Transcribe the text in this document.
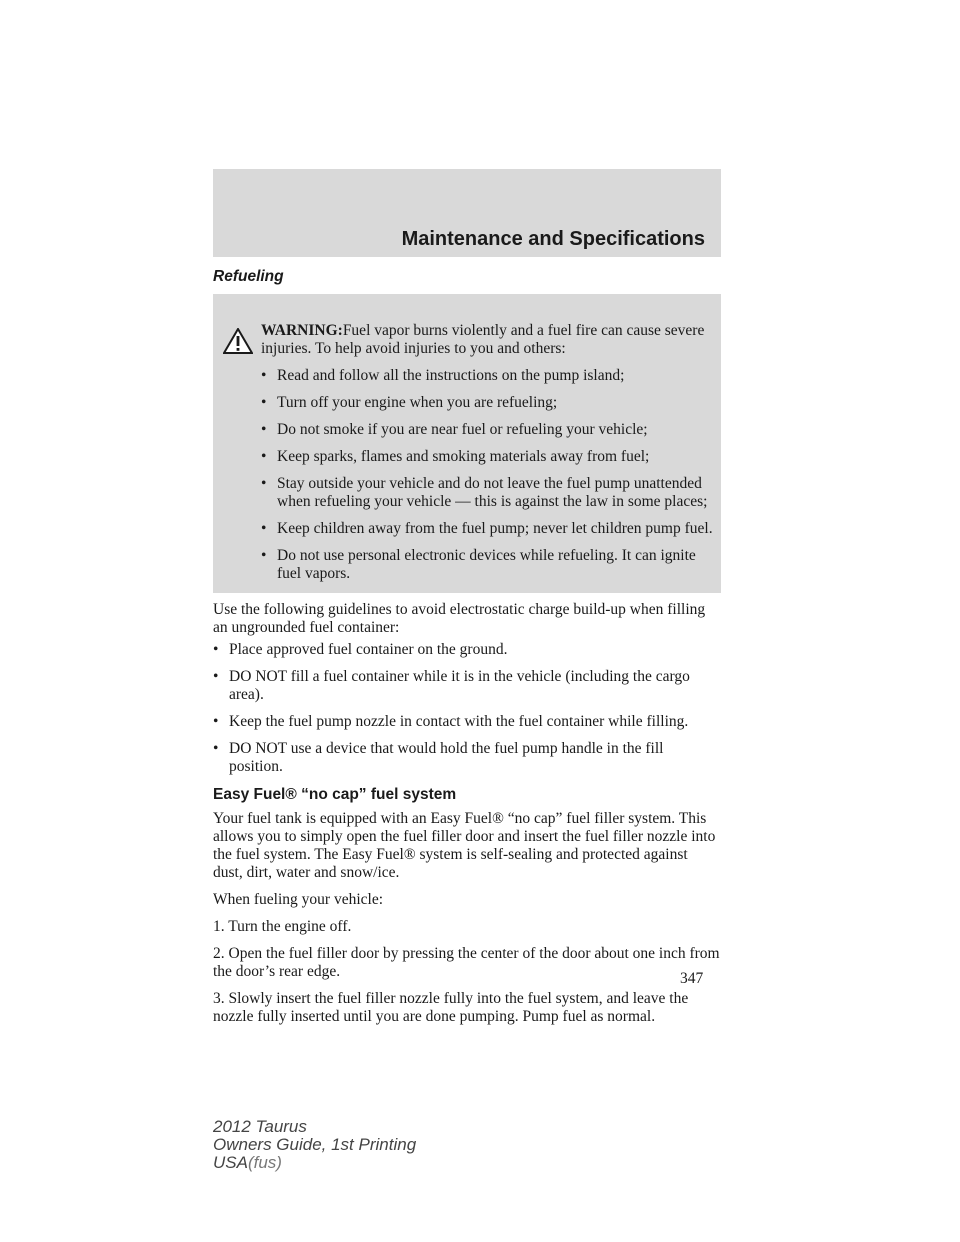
Maintenance and Specifications
Refueling

WARNING:Fuel vapor burns violently and a fuel fire can cause severe injuries. To help avoid injuries to you and others:

• Read and follow all the instructions on the pump island;
• Turn off your engine when you are refueling;
• Do not smoke if you are near fuel or refueling your vehicle;
• Keep sparks, flames and smoking materials away from fuel;
• Stay outside your vehicle and do not leave the fuel pump unattended when refueling your vehicle — this is against the law in some places;
• Keep children away from the fuel pump; never let children pump fuel.
• Do not use personal electronic devices while refueling. It can ignite fuel vapors.

Use the following guidelines to avoid electrostatic charge build-up when filling an ungrounded fuel container:

• Place approved fuel container on the ground.
• DO NOT fill a fuel container while it is in the vehicle (including the cargo area).
• Keep the fuel pump nozzle in contact with the fuel container while filling.
• DO NOT use a device that would hold the fuel pump handle in the fill position.
Easy Fuel® “no cap” fuel system

Your fuel tank is equipped with an Easy Fuel® “no cap” fuel filler system. This allows you to simply open the fuel filler door and insert the fuel filler nozzle into the fuel system. The Easy Fuel® system is self-sealing and protected against dust, dirt, water and snow/ice.

When fueling your vehicle:

1. Turn the engine off.

2. Open the fuel filler door by pressing the center of the door about one inch from the door’s rear edge.

3. Slowly insert the fuel filler nozzle fully into the fuel system, and leave the nozzle fully inserted until you are done pumping. Pump fuel as normal.

347
2012 Taurus
Owners Guide, 1st Printing
USA(fus)
